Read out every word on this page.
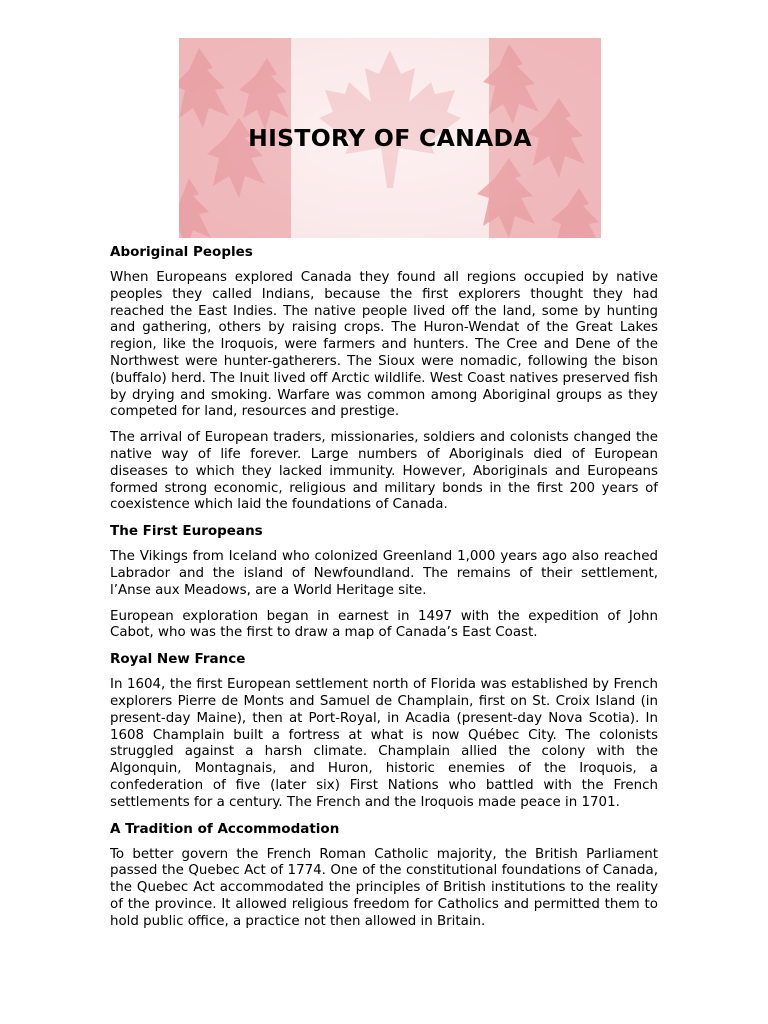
HISTORY OF CANADA

Aboriginal Peoples

When Europeans explored Canada they found all regions occupied by native peoples they called Indians, because the first explorers thought they had reached the East Indies. The native people lived off the land, some by hunting and gathering, others by raising crops. The Huron-Wendat of the Great Lakes region, like the Iroquois, were farmers and hunters. The Cree and Dene of the Northwest were hunter-gatherers. The Sioux were nomadic, following the bison (buffalo) herd. The Inuit lived off Arctic wildlife. West Coast natives preserved fish by drying and smoking. Warfare was common among Aboriginal groups as they competed for land, resources and prestige.

The arrival of European traders, missionaries, soldiers and colonists changed the native way of life forever. Large numbers of Aboriginals died of European diseases to which they lacked immunity. However, Aboriginals and Europeans formed strong economic, religious and military bonds in the first 200 years of coexistence which laid the foundations of Canada.

The First Europeans

The Vikings from Iceland who colonized Greenland 1,000 years ago also reached Labrador and the island of Newfoundland. The remains of their settlement, l’Anse aux Meadows, are a World Heritage site.

European exploration began in earnest in 1497 with the expedition of John Cabot, who was the first to draw a map of Canada’s East Coast.

Royal New France

In 1604, the first European settlement north of Florida was established by French explorers Pierre de Monts and Samuel de Champlain, first on St. Croix Island (in present-day Maine), then at Port-Royal, in Acadia (present-day Nova Scotia). In 1608 Champlain built a fortress at what is now Québec City. The colonists struggled against a harsh climate. Champlain allied the colony with the Algonquin, Montagnais, and Huron, historic enemies of the Iroquois, a confederation of five (later six) First Nations who battled with the French settlements for a century. The French and the Iroquois made peace in 1701.

A Tradition of Accommodation

To better govern the French Roman Catholic majority, the British Parliament passed the Quebec Act of 1774. One of the constitutional foundations of Canada, the Quebec Act accommodated the principles of British institutions to the reality of the province. It allowed religious freedom for Catholics and permitted them to hold public office, a practice not then allowed in Britain.
